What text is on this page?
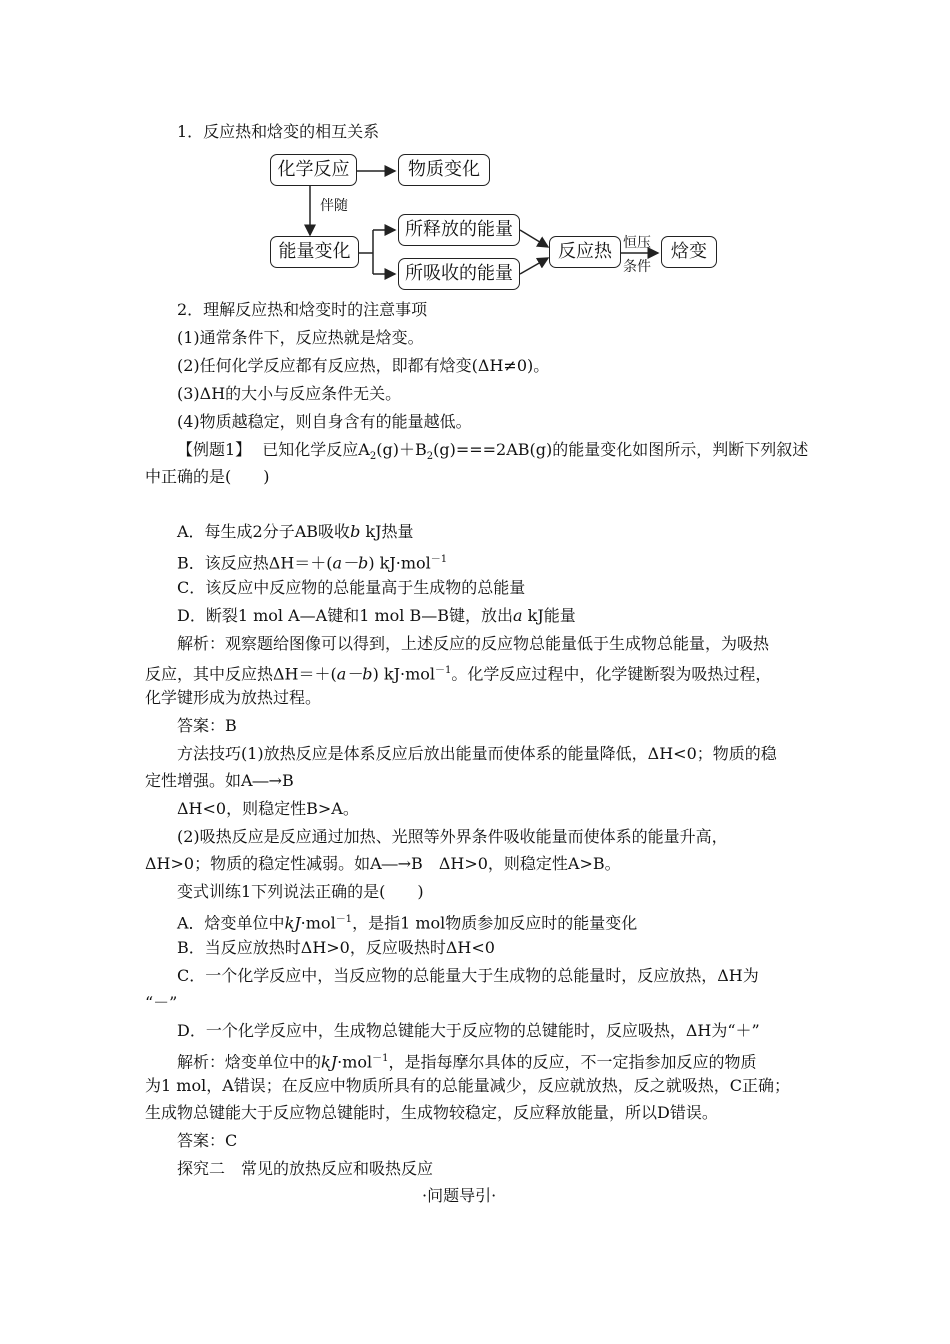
1．反应热和焓变的相互关系
化学反应	物质变化
伴随
能量变化
所释放的能量
所吸收的能量
反应热 恒压
条件
焓变
2．理解反应热和焓变时的注意事项
(1)通常条件下，反应热就是焓变。
(2)任何化学反应都有反应热，即都有焓变(ΔH≠0)。
(3)ΔH的大小与反应条件无关。
(4)物质越稳定，则自身含有的能量越低。
【例题1】 已知化学反应$A_2(g)+B_2(g)===2AB(g)$的能量变化如图所示，判断下列叙述
中正确的是(　　)
A．每生成2分子AB吸收b kJ热量
B．该反应热ΔH＝＋(a－b) kJ·mol$^{-1}$
C．该反应中反应物的总能量高于生成物的总能量
D．断裂1 mol A—A键和1 mol B—B键，放出a kJ能量
解析：观察题给图像可以得到，上述反应的反应物总能量低于生成物总能量，为吸热
反应，其中反应热ΔH＝＋(a－b) kJ·mol$^{-1}$。化学反应过程中，化学键断裂为吸热过程，
化学键形成为放热过程。
答案：B
方法技巧(1)放热反应是体系反应后放出能量而使体系的能量降低，ΔH<0；物质的稳
定性增强。如A―→B
ΔH<0，则稳定性B>A。
(2)吸热反应是反应通过加热、光照等外界条件吸收能量而使体系的能量升高，
ΔH>0；物质的稳定性减弱。如A―→B　ΔH>0，则稳定性A>B。
变式训练1下列说法正确的是(　　)
A．焓变单位中kJ·mol$^{-1}$，是指1 mol物质参加反应时的能量变化
B．当反应放热时ΔH>0，反应吸热时ΔH<0
C．一个化学反应中，当反应物的总能量大于生成物的总能量时，反应放热，ΔH为
“－”
D．一个化学反应中，生成物总键能大于反应物的总键能时，反应吸热，ΔH为“＋”
解析：焓变单位中的kJ·mol$^{-1}$，是指每摩尔具体的反应，不一定指参加反应的物质
为1 mol，A错误；在反应中物质所具有的总能量减少，反应就放热，反之就吸热，C正确；
生成物总键能大于反应物总键能时，生成物较稳定，反应释放能量，所以D错误。
答案：C
探究二　常见的放热反应和吸热反应
·问题导引·
